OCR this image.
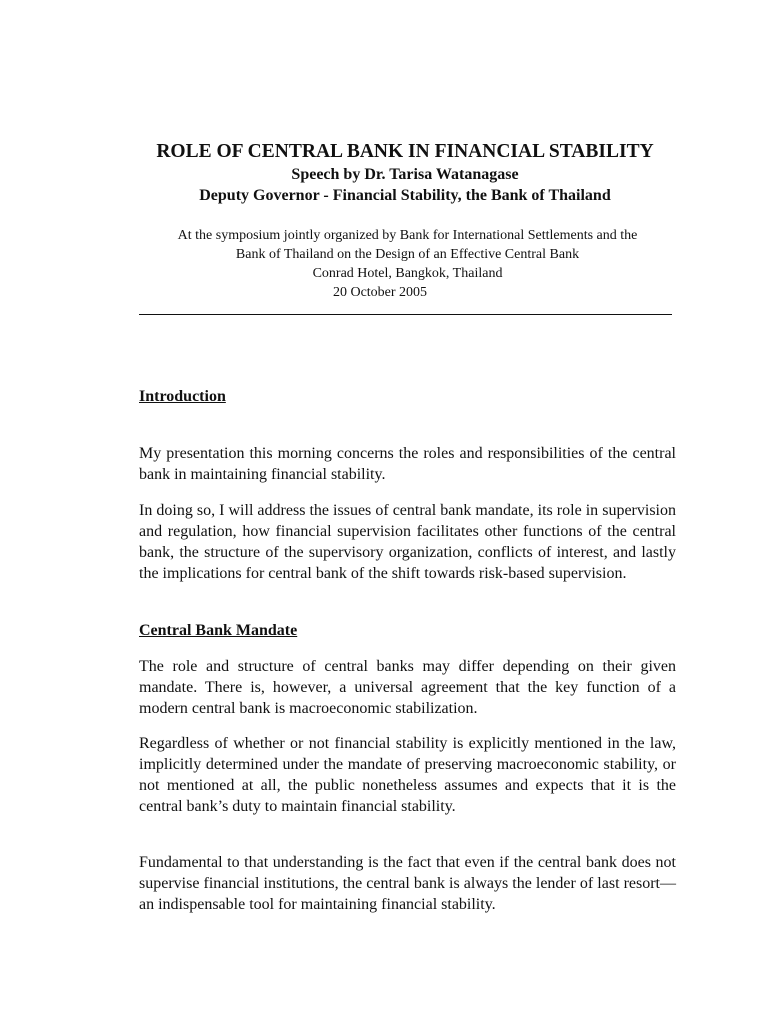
ROLE OF CENTRAL BANK IN FINANCIAL STABILITY
Speech by Dr. Tarisa Watanagase
Deputy Governor - Financial Stability, the Bank of Thailand
At the symposium jointly organized by Bank for International Settlements and the
Bank of Thailand on the Design of an Effective Central Bank
Conrad Hotel, Bangkok, Thailand
20 October 2005
Introduction

My presentation this morning concerns the roles and responsibilities of the central bank in maintaining financial stability.

In doing so, I will address the issues of central bank mandate, its role in supervision and regulation, how financial supervision facilitates other functions of the central bank, the structure of the supervisory organization, conflicts of interest, and lastly the implications for central bank of the shift towards risk-based supervision.

Central Bank Mandate

The role and structure of central banks may differ depending on their given mandate. There is, however, a universal agreement that the key function of a modern central bank is macroeconomic stabilization.

Regardless of whether or not financial stability is explicitly mentioned in the law, implicitly determined under the mandate of preserving macroeconomic stability, or not mentioned at all, the public nonetheless assumes and expects that it is the central bank’s duty to maintain financial stability.

Fundamental to that understanding is the fact that even if the central bank does not supervise financial institutions, the central bank is always the lender of last resort—an indispensable tool for maintaining financial stability.
